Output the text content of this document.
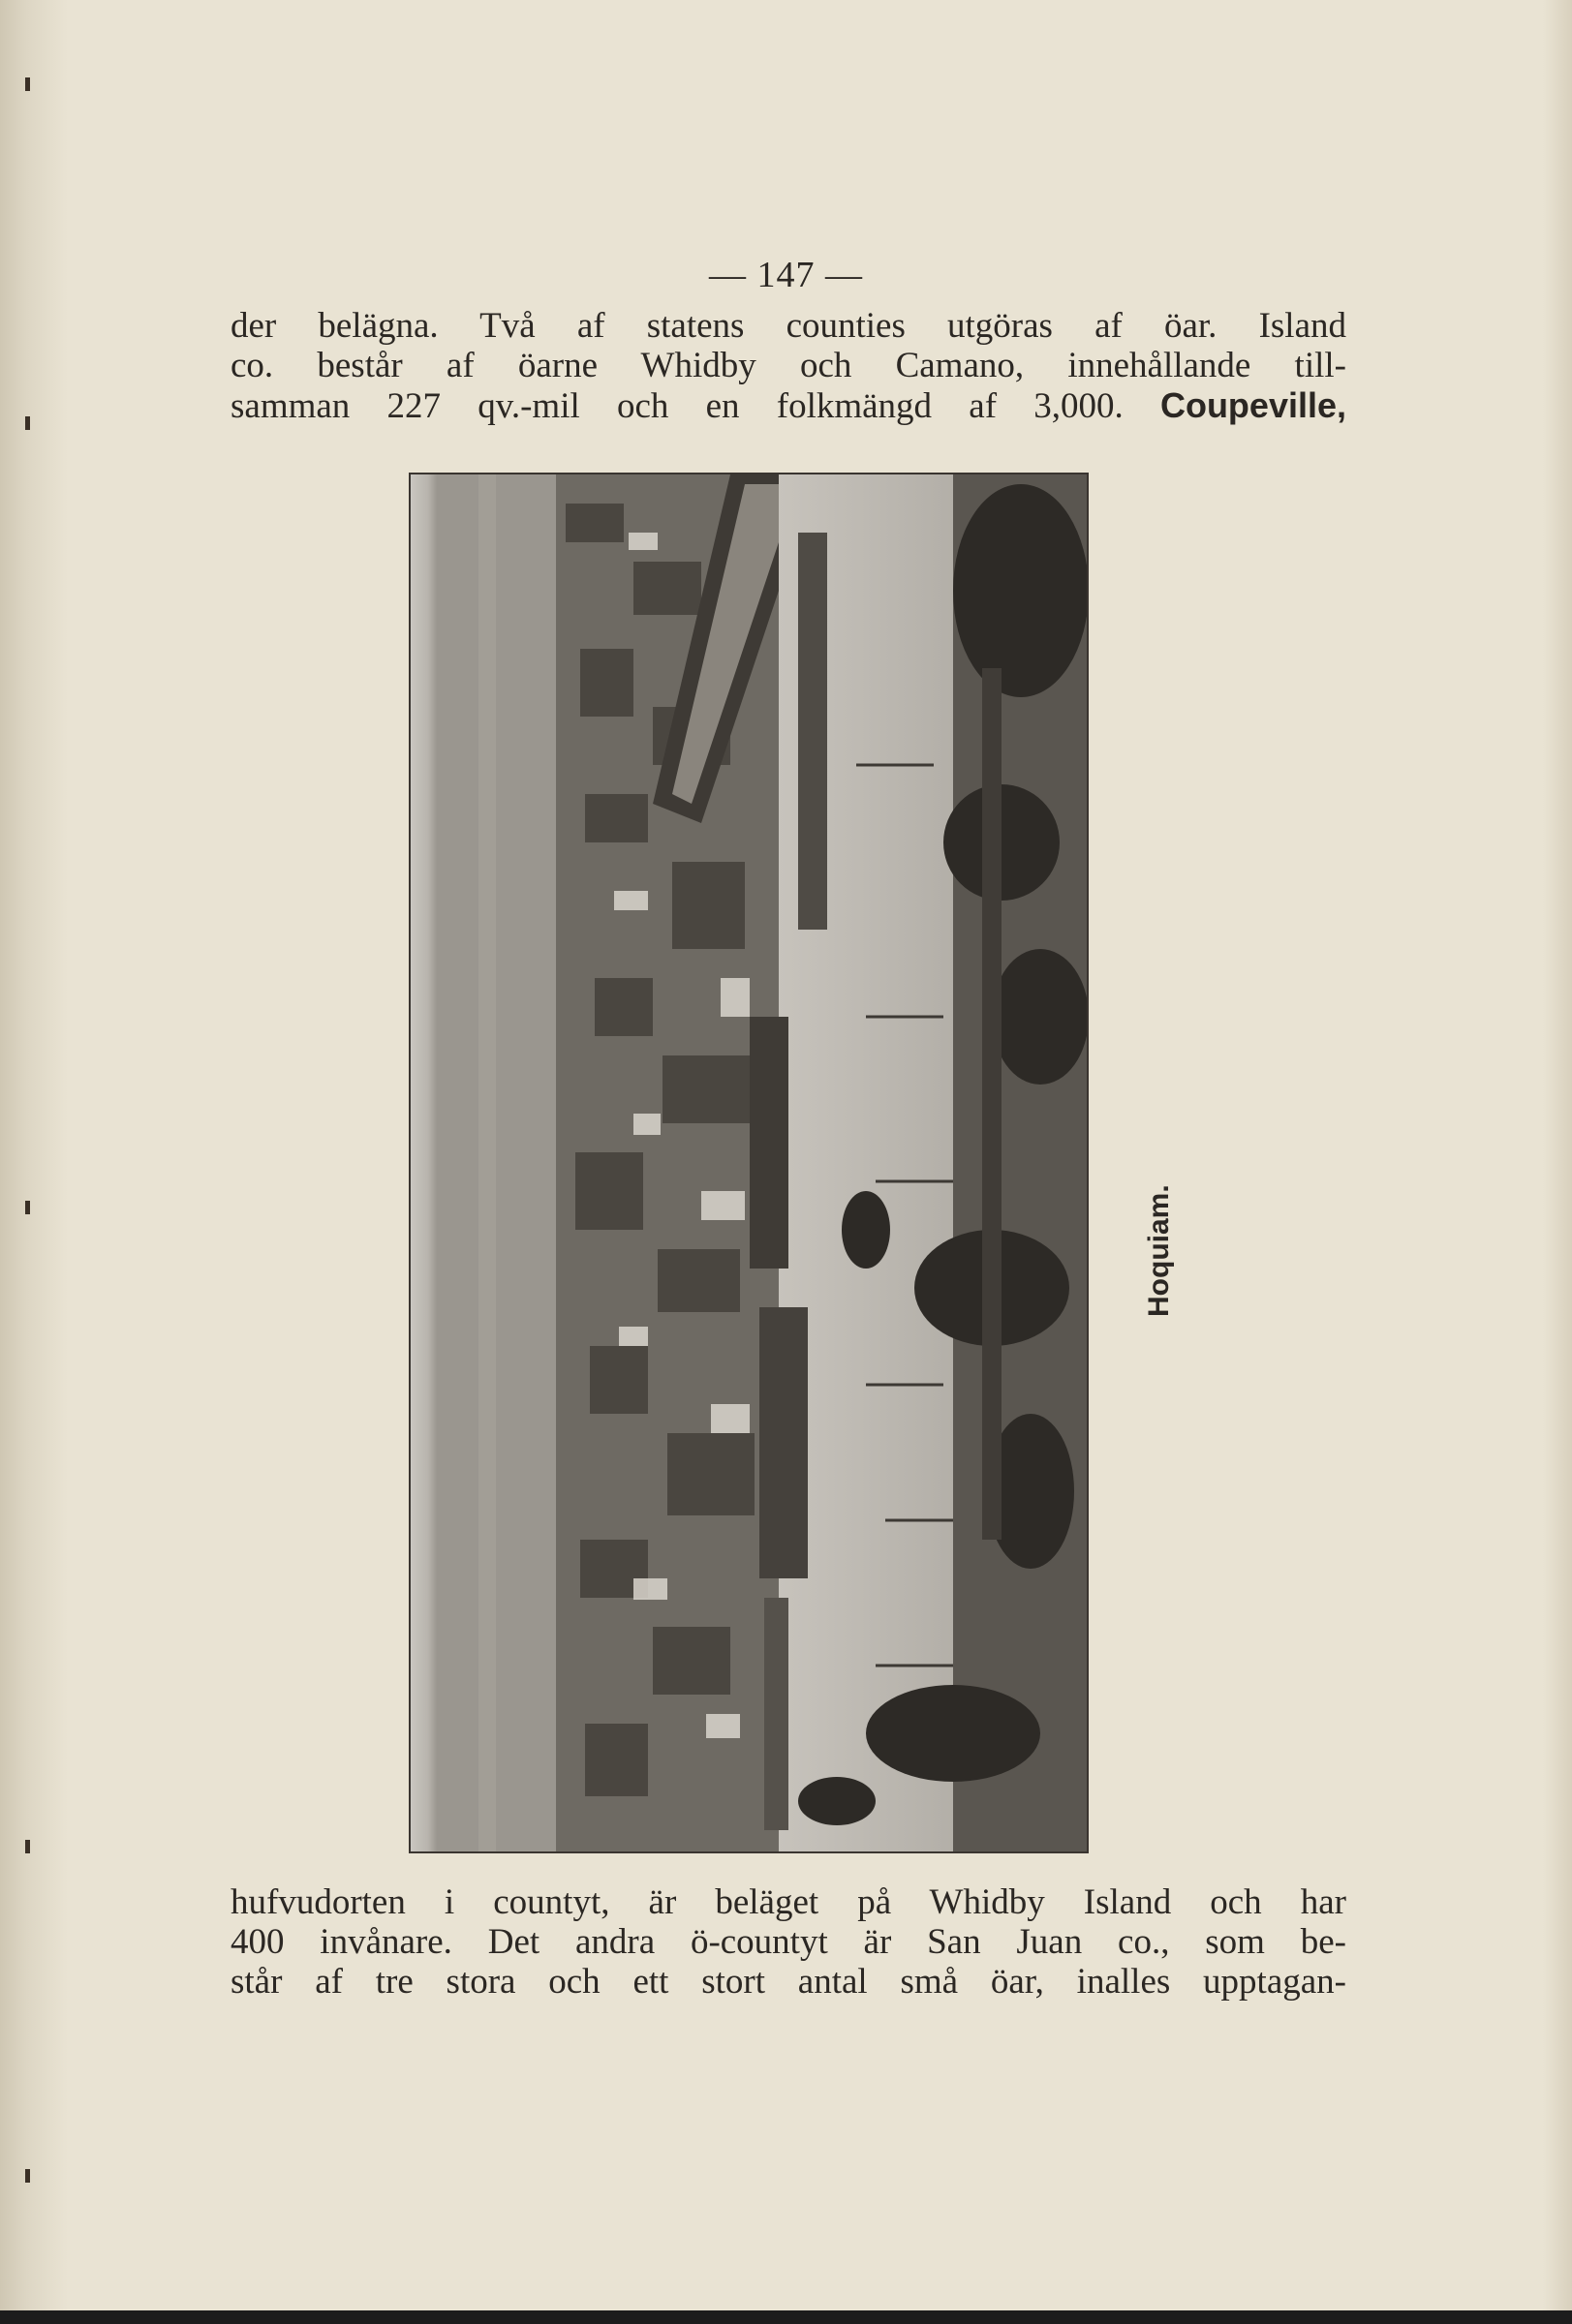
— 147 —
der belägna. Två af statens counties utgöras af öar. Island
co. består af öarne Whidby och Camano, innehållande till-
samman 227 qv.-mil och en folkmängd af 3,000. Coupeville,
Hoquiam.
hufvudorten i countyt, är beläget på Whidby Island och har
400 invånare. Det andra ö-countyt är San Juan co., som be-
står af tre stora och ett stort antal små öar, inalles upptagan-
